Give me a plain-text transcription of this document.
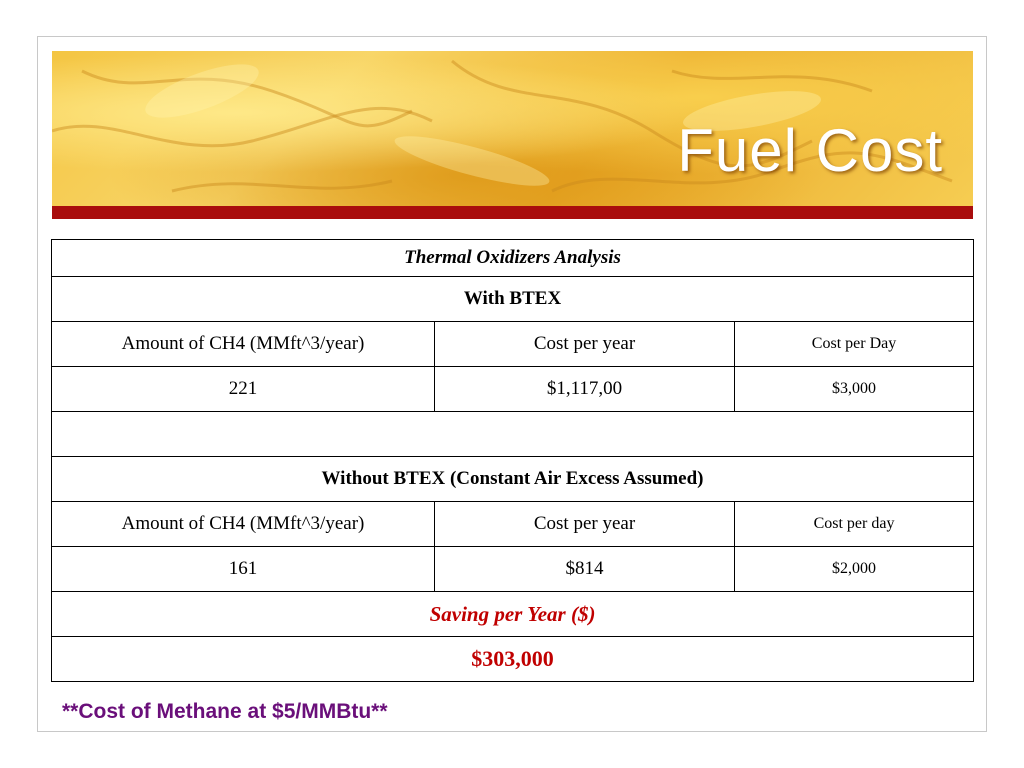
Fuel Cost
Thermal Oxidizers Analysis		
With BTEX		
Amount of CH4 (MMft^3/year)	Cost per year	Cost per Day
221	$1,117,00	$3,000

Without BTEX (Constant Air Excess Assumed)		
Amount of CH4 (MMft^3/year)	Cost per year	Cost per day
161	$814	$2,000
Saving per Year ($)		
$303,000		

**Cost of Methane at $5/MMBtu**
